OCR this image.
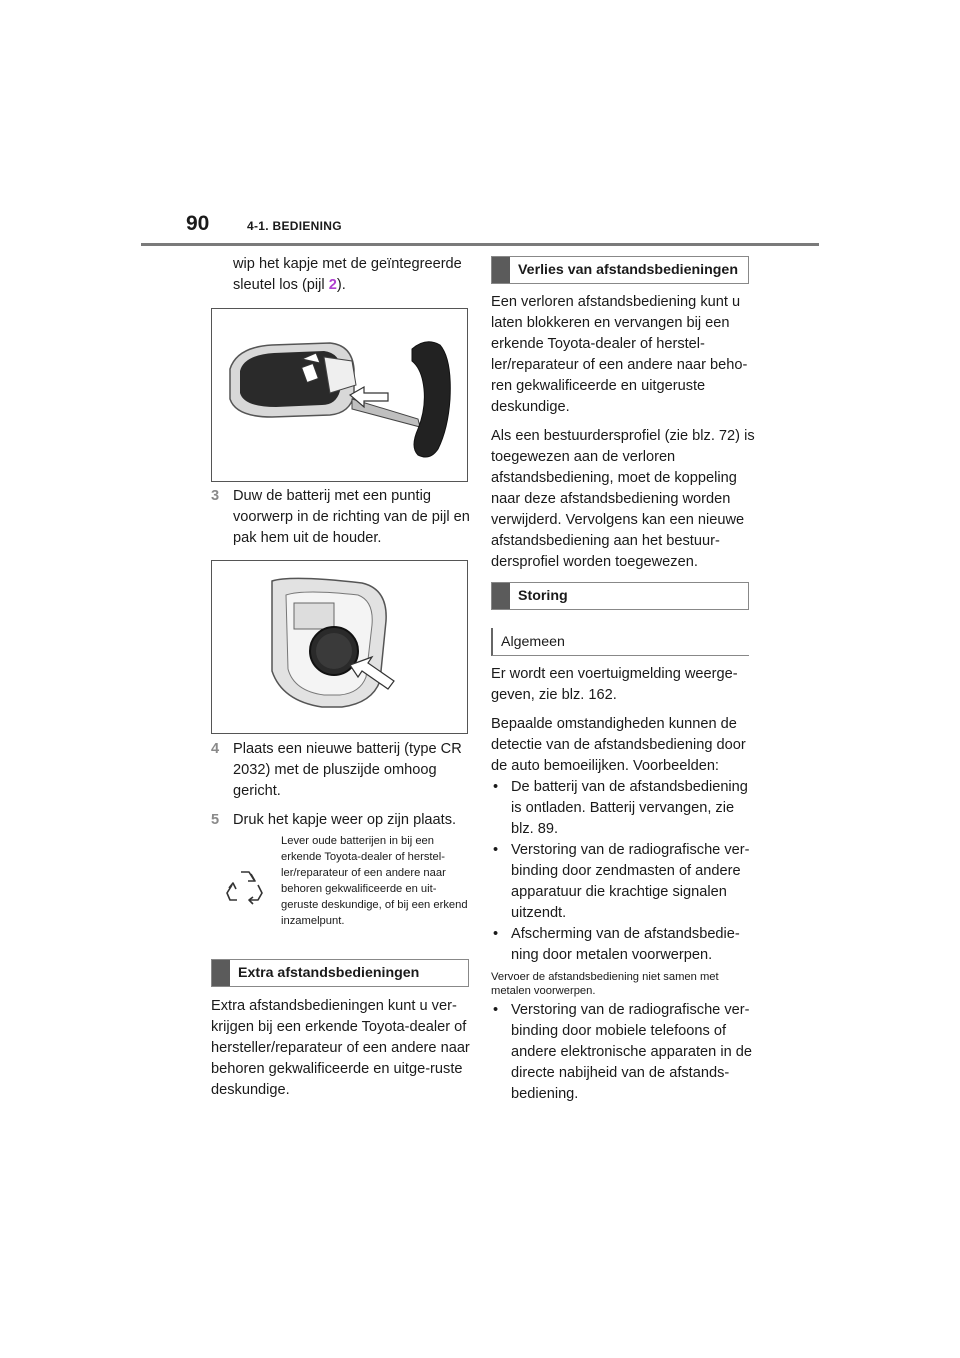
90	4-1. BEDIENING

wip het kapje met de geïntegreerde
sleutel los (pijl 2).

3 Duw de batterij met een puntig voorwerp in de richting van de pijl en pak hem uit de houder.

4 Plaats een nieuwe batterij (type CR 2032) met de pluszijde omhoog gericht.

5 Druk het kapje weer op zijn plaats.

Lever oude batterijen in bij een erkende Toyota-dealer of herstel-ler/reparateur of een andere naar behoren gekwalificeerde en uit-geruste deskundige, of bij een erkend inzamelpunt.
Extra afstandsbedieningen

Extra afstandsbedieningen kunt u ver-krijgen bij een erkende Toyota-dealer of hersteller/reparateur of een andere naar behoren gekwalificeerde en uitge-ruste deskundige.

Verlies van afstandsbedieningen

Een verloren afstandsbediening kunt u laten blokkeren en vervangen bij een erkende Toyota-dealer of herstel-ler/reparateur of een andere naar beho-ren gekwalificeerde en uitgeruste deskundige.

Als een bestuurdersprofiel (zie blz. 72) is toegewezen aan de verloren afstandsbediening, moet de koppeling naar deze afstandsbediening worden verwijderd. Vervolgens kan een nieuwe afstandsbediening aan het bestuur-dersprofiel worden toegewezen.

Storing
Algemeen

Er wordt een voertuigmelding weerge-geven, zie blz. 162.

Bepaalde omstandigheden kunnen de detectie van de afstandsbediening door de auto bemoeilijken. Voorbeelden:

• De batterij van de afstandsbediening is ontladen. Batterij vervangen, zie blz. 89.

• Verstoring van de radiografische ver-binding door zendmasten of andere apparatuur die krachtige signalen uitzendt.

• Afscherming van de afstandsbedie-ning door metalen voorwerpen.

Vervoer de afstandsbediening niet samen met metalen voorwerpen.

• Verstoring van de radiografische ver-binding door mobiele telefoons of andere elektronische apparaten in de directe nabijheid van de afstands-bediening.
